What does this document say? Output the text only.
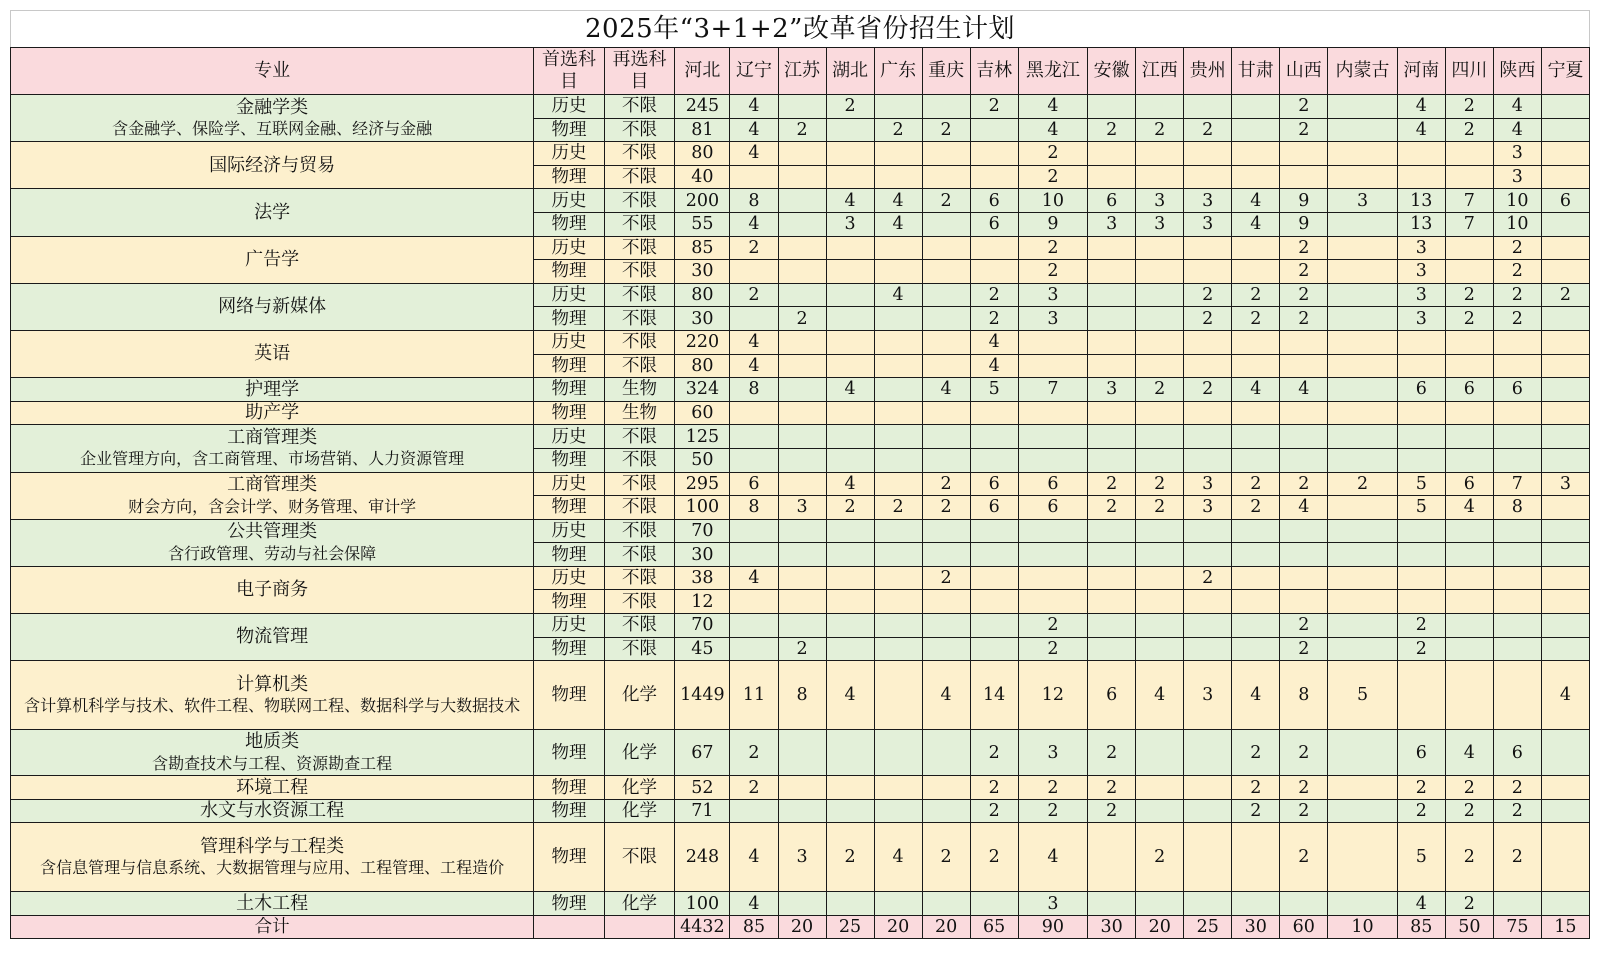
2025年“3+1+2”改革省份招生计划
专业	首选科目	再选科目	河北	辽宁	江苏	湖北	广东	重庆	吉林	黑龙江	安徽	江西	贵州	甘肃	山西	内蒙古	河南	四川	陕西	宁夏

金融学类
含金融学、保险学、互联网金融、经济与金融	历史	不限	245	4		2			2	4					2		4	2	4	
	物理	不限	81	4	2		2	2		4	2	2	2		2		4	2	4	

国际经济与贸易	历史	不限	80	4						2									3	
	物理	不限	40							2									3	

法学	历史	不限	200	8		4	4	2	6	10	6	3	3	4	9	3	13	7	10	6
	物理	不限	55	4		3	4		6	9	3	3	3	4	9		13	7	10	

广告学	历史	不限	85	2						2					2		3		2	
	物理	不限	30							2					2		3		2	

网络与新媒体	历史	不限	80	2			4		2	3			2	2	2		3	2	2	2
	物理	不限	30		2				2	3			2	2	2		3	2	2	

英语	历史	不限	220	4					4											
	物理	不限	80	4					4											

护理学	物理	生物	324	8		4		4	5	7	3	2	2	4	4		6	6	6	

助产学	物理	生物	60																	

工商管理类
企业管理方向，含工商管理、市场营销、人力资源管理	历史	不限	125																	
	物理	不限	50																	

工商管理类
财会方向，含会计学、财务管理、审计学	历史	不限	295	6		4		2	6	6	2	2	3	2	2	2	5	6	7	3
	物理	不限	100	8	3	2	2	2	6	6	2	2	3	2	4		5	4	8	

公共管理类
含行政管理、劳动与社会保障	历史	不限	70																	
	物理	不限	30																	

电子商务	历史	不限	38	4				2					2							
	物理	不限	12																	

物流管理	历史	不限	70							2					2		2			
	物理	不限	45		2					2					2		2			

计算机类
含计算机科学与技术、软件工程、物联网工程、数据科学与大数据技术	物理	化学	1449	11	8	4		4	14	12	6	4	3	4	8	5				4

地质类
含勘查技术与工程、资源勘查工程	物理	化学	67	2					2	3	2			2	2		6	4	6	

环境工程	物理	化学	52	2					2	2	2			2	2		2	2	2	

水文与水资源工程	物理	化学	71						2	2	2			2	2		2	2	2	

管理科学与工程类
含信息管理与信息系统、大数据管理与应用、工程管理、工程造价	物理	不限	248	4	3	2	4	2	2	4		2			2		5	2	2	

土木工程	物理	化学	100	4						3							4	2		
合计			4432	85	20	25	20	20	65	90	30	20	25	30	60	10	85	50	75	15
